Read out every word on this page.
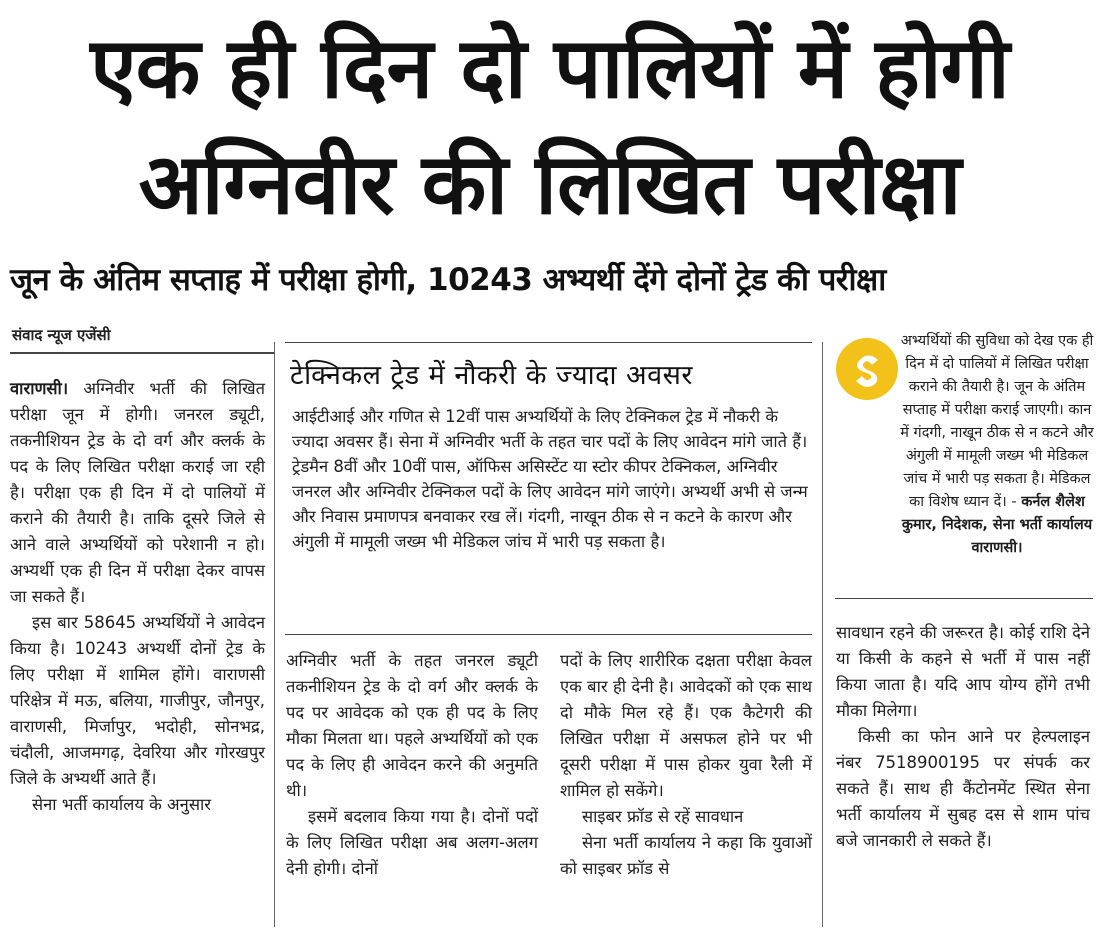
एक ही दिन दो पालियों में होगी
अग्निवीर की लिखित परीक्षा
जून के अंतिम सप्ताह में परीक्षा होगी, 10243 अभ्यर्थी देंगे दोनों ट्रेड की परीक्षा
संवाद न्यूज एजेंसी

वाराणसी। अग्निवीर भर्ती की लिखित परीक्षा जून में होगी। जनरल ड्यूटी, तकनीशियन ट्रेड के दो वर्ग और क्लर्क के पद के लिए लिखित परीक्षा कराई जा रही है। परीक्षा एक ही दिन में दो पालियों में कराने की तैयारी है। ताकि दूसरे जिले से आने वाले अभ्यर्थियों को परेशानी न हो। अभ्यर्थी एक ही दिन में परीक्षा देकर वापस जा सकते हैं।

इस बार 58645 अभ्यर्थियों ने आवेदन किया है। 10243 अभ्यर्थी दोनों ट्रेड के लिए परीक्षा में शामिल होंगे। वाराणसी परिक्षेत्र में मऊ, बलिया, गाजीपुर, जौनपुर, वाराणसी, मिर्जापुर, भदोही, सोनभद्र, चंदौली, आजमगढ़, देवरिया और गोरखपुर जिले के अभ्यर्थी आते हैं।

सेना भर्ती कार्यालय के अनुसार

टेक्निकल ट्रेड में नौकरी के ज्यादा अवसर
आईटीआई और गणित से 12वीं पास अभ्यर्थियों के लिए टेक्निकल ट्रेड में नौकरी के ज्यादा अवसर हैं। सेना में अग्निवीर भर्ती के तहत चार पदों के लिए आवेदन मांगे जाते हैं। ट्रेडमैन 8वीं और 10वीं पास, ऑफिस असिस्टेंट या स्टोर कीपर टेक्निकल, अग्निवीर जनरल और अग्निवीर टेक्निकल पदों के लिए आवेदन मांगे जाएंगे। अभ्यर्थी अभी से जन्म और निवास प्रमाणपत्र बनवाकर रख लें। गंदगी, नाखून ठीक से न कटने के कारण और अंगुली में मामूली जख्म भी मेडिकल जांच में भारी पड़ सकता है।
अभ्यर्थियों की सुविधा को देख एक ही दिन में दो पालियों में लिखित परीक्षा कराने की तैयारी है। जून के अंतिम सप्ताह में परीक्षा कराई जाएगी। कान में गंदगी, नाखून ठीक से न कटने और अंगुली में मामूली जख्म भी मेडिकल जांच में भारी पड़ सकता है। मेडिकल का विशेष ध्यान दें। - कर्नल शैलेश कुमार, निदेशक, सेना भर्ती कार्यालय वाराणसी।

अग्निवीर भर्ती के तहत जनरल ड्यूटी तकनीशियन ट्रेड के दो वर्ग और क्लर्क के पद पर आवेदक को एक ही पद के लिए मौका मिलता था। पहले अभ्यर्थियों को एक पद के लिए ही आवेदन करने की अनुमति थी।

इसमें बदलाव किया गया है। दोनों पदों के लिए लिखित परीक्षा अब अलग-अलग देनी होगी। दोनों

पदों के लिए शारीरिक दक्षता परीक्षा केवल एक बार ही देनी है। आवेदकों को एक साथ दो मौके मिल रहे हैं। एक कैटेगरी की लिखित परीक्षा में असफल होने पर भी दूसरी परीक्षा में पास होकर युवा रैली में शामिल हो सकेंगे।

साइबर फ्रॉड से रहें सावधान

सेना भर्ती कार्यालय ने कहा कि युवाओं को साइबर फ्रॉड से

सावधान रहने की जरूरत है। कोई राशि देने या किसी के कहने से भर्ती में पास नहीं किया जाता है। यदि आप योग्य होंगे तभी मौका मिलेगा।

किसी का फोन आने पर हेल्पलाइन नंबर 7518900195 पर संपर्क कर सकते हैं। साथ ही कैंटोनमेंट स्थित सेना भर्ती कार्यालय में सुबह दस से शाम पांच बजे जानकारी ले सकते हैं।
